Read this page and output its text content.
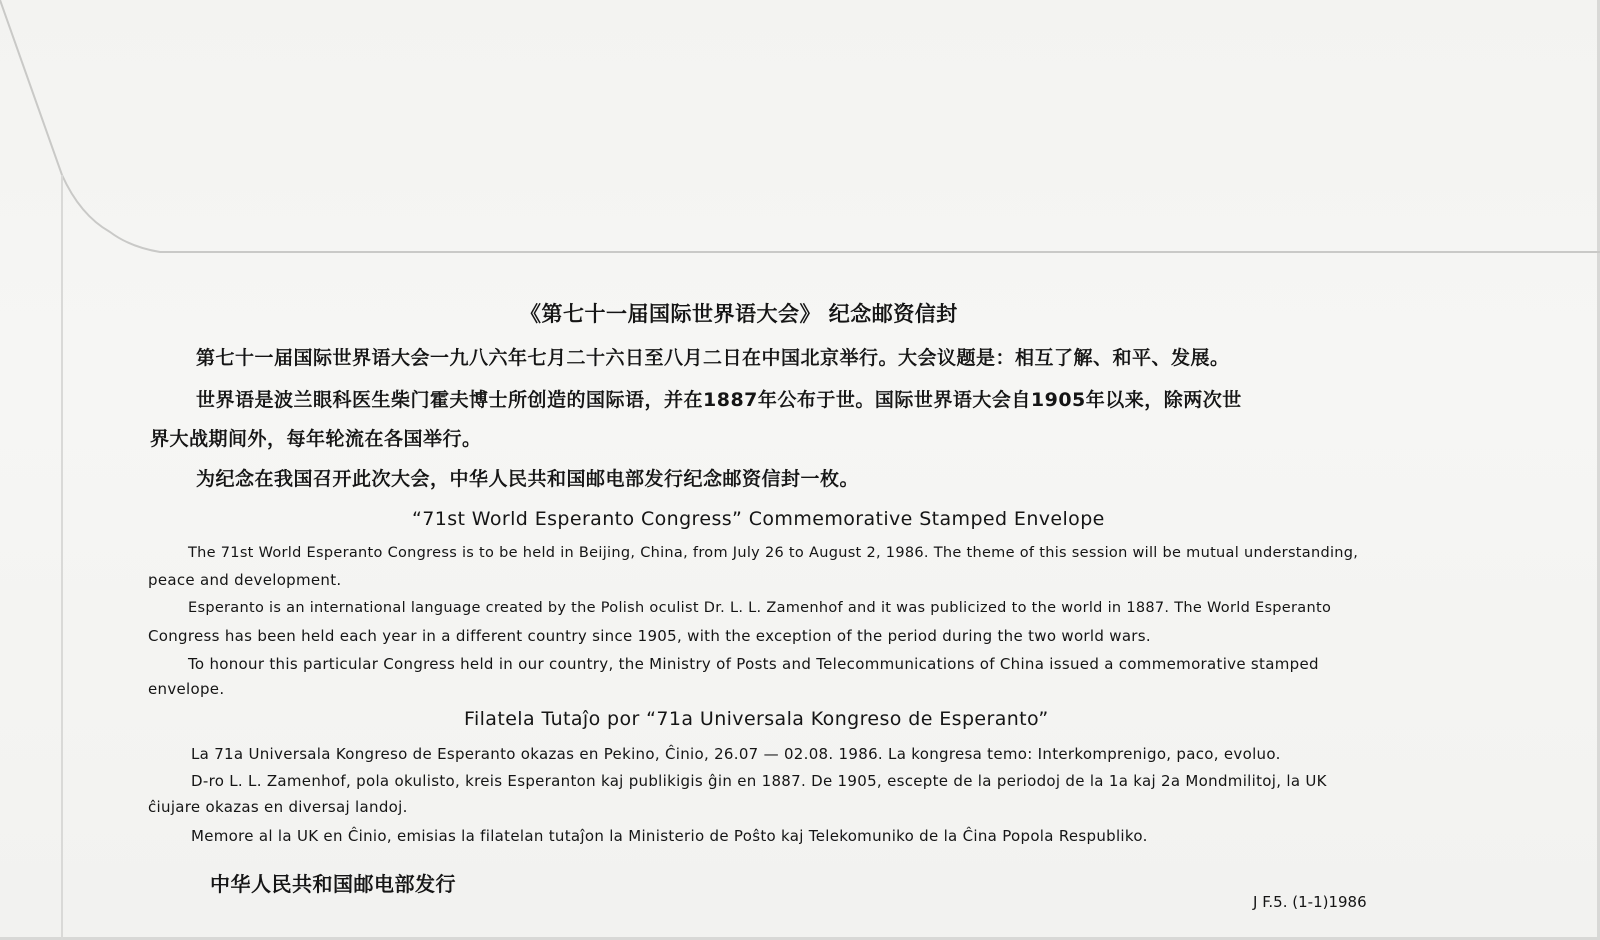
《第七十一届国际世界语大会》 纪念邮资信封
第七十一届国际世界语大会一九八六年七月二十六日至八月二日在中国北京举行。大会议题是：相互了解、和平、发展。
世界语是波兰眼科医生柴门霍夫博士所创造的国际语，并在1887年公布于世。国际世界语大会自1905年以来，除两次世
界大战期间外，每年轮流在各国举行。
为纪念在我国召开此次大会，中华人民共和国邮电部发行纪念邮资信封一枚。
“71st World Esperanto Congress” Commemorative Stamped Envelope
The 71st World Esperanto Congress is to be held in Beijing, China, from July 26 to August 2, 1986. The theme of this session will be mutual understanding,
peace and development.
Esperanto is an international language created by the Polish oculist Dr. L. L. Zamenhof and it was publicized to the world in 1887. The World Esperanto
Congress has been held each year in a different country since 1905, with the exception of the period during the two world wars.
To honour this particular Congress held in our country, the Ministry of Posts and Telecommunications of China issued a commemorative stamped
envelope.
Filatela Tutaĵo por “71a Universala Kongreso de Esperanto”
La 71a Universala Kongreso de Esperanto okazas en Pekino, Ĉinio, 26.07 — 02.08. 1986. La kongresa temo: Interkomprenigo, paco, evoluo.
D-ro L. L. Zamenhof, pola okulisto, kreis Esperanton kaj publikigis ĝin en 1887. De 1905, escepte de la periodoj de la 1a kaj 2a Mondmilitoj, la UK
ĉiujare okazas en diversaj landoj.
Memore al la UK en Ĉinio, emisias la filatelan tutaĵon la Ministerio de Poŝto kaj Telekomuniko de la Ĉina Popola Respubliko.
中华人民共和国邮电部发行
J F.5. (1-1)1986
